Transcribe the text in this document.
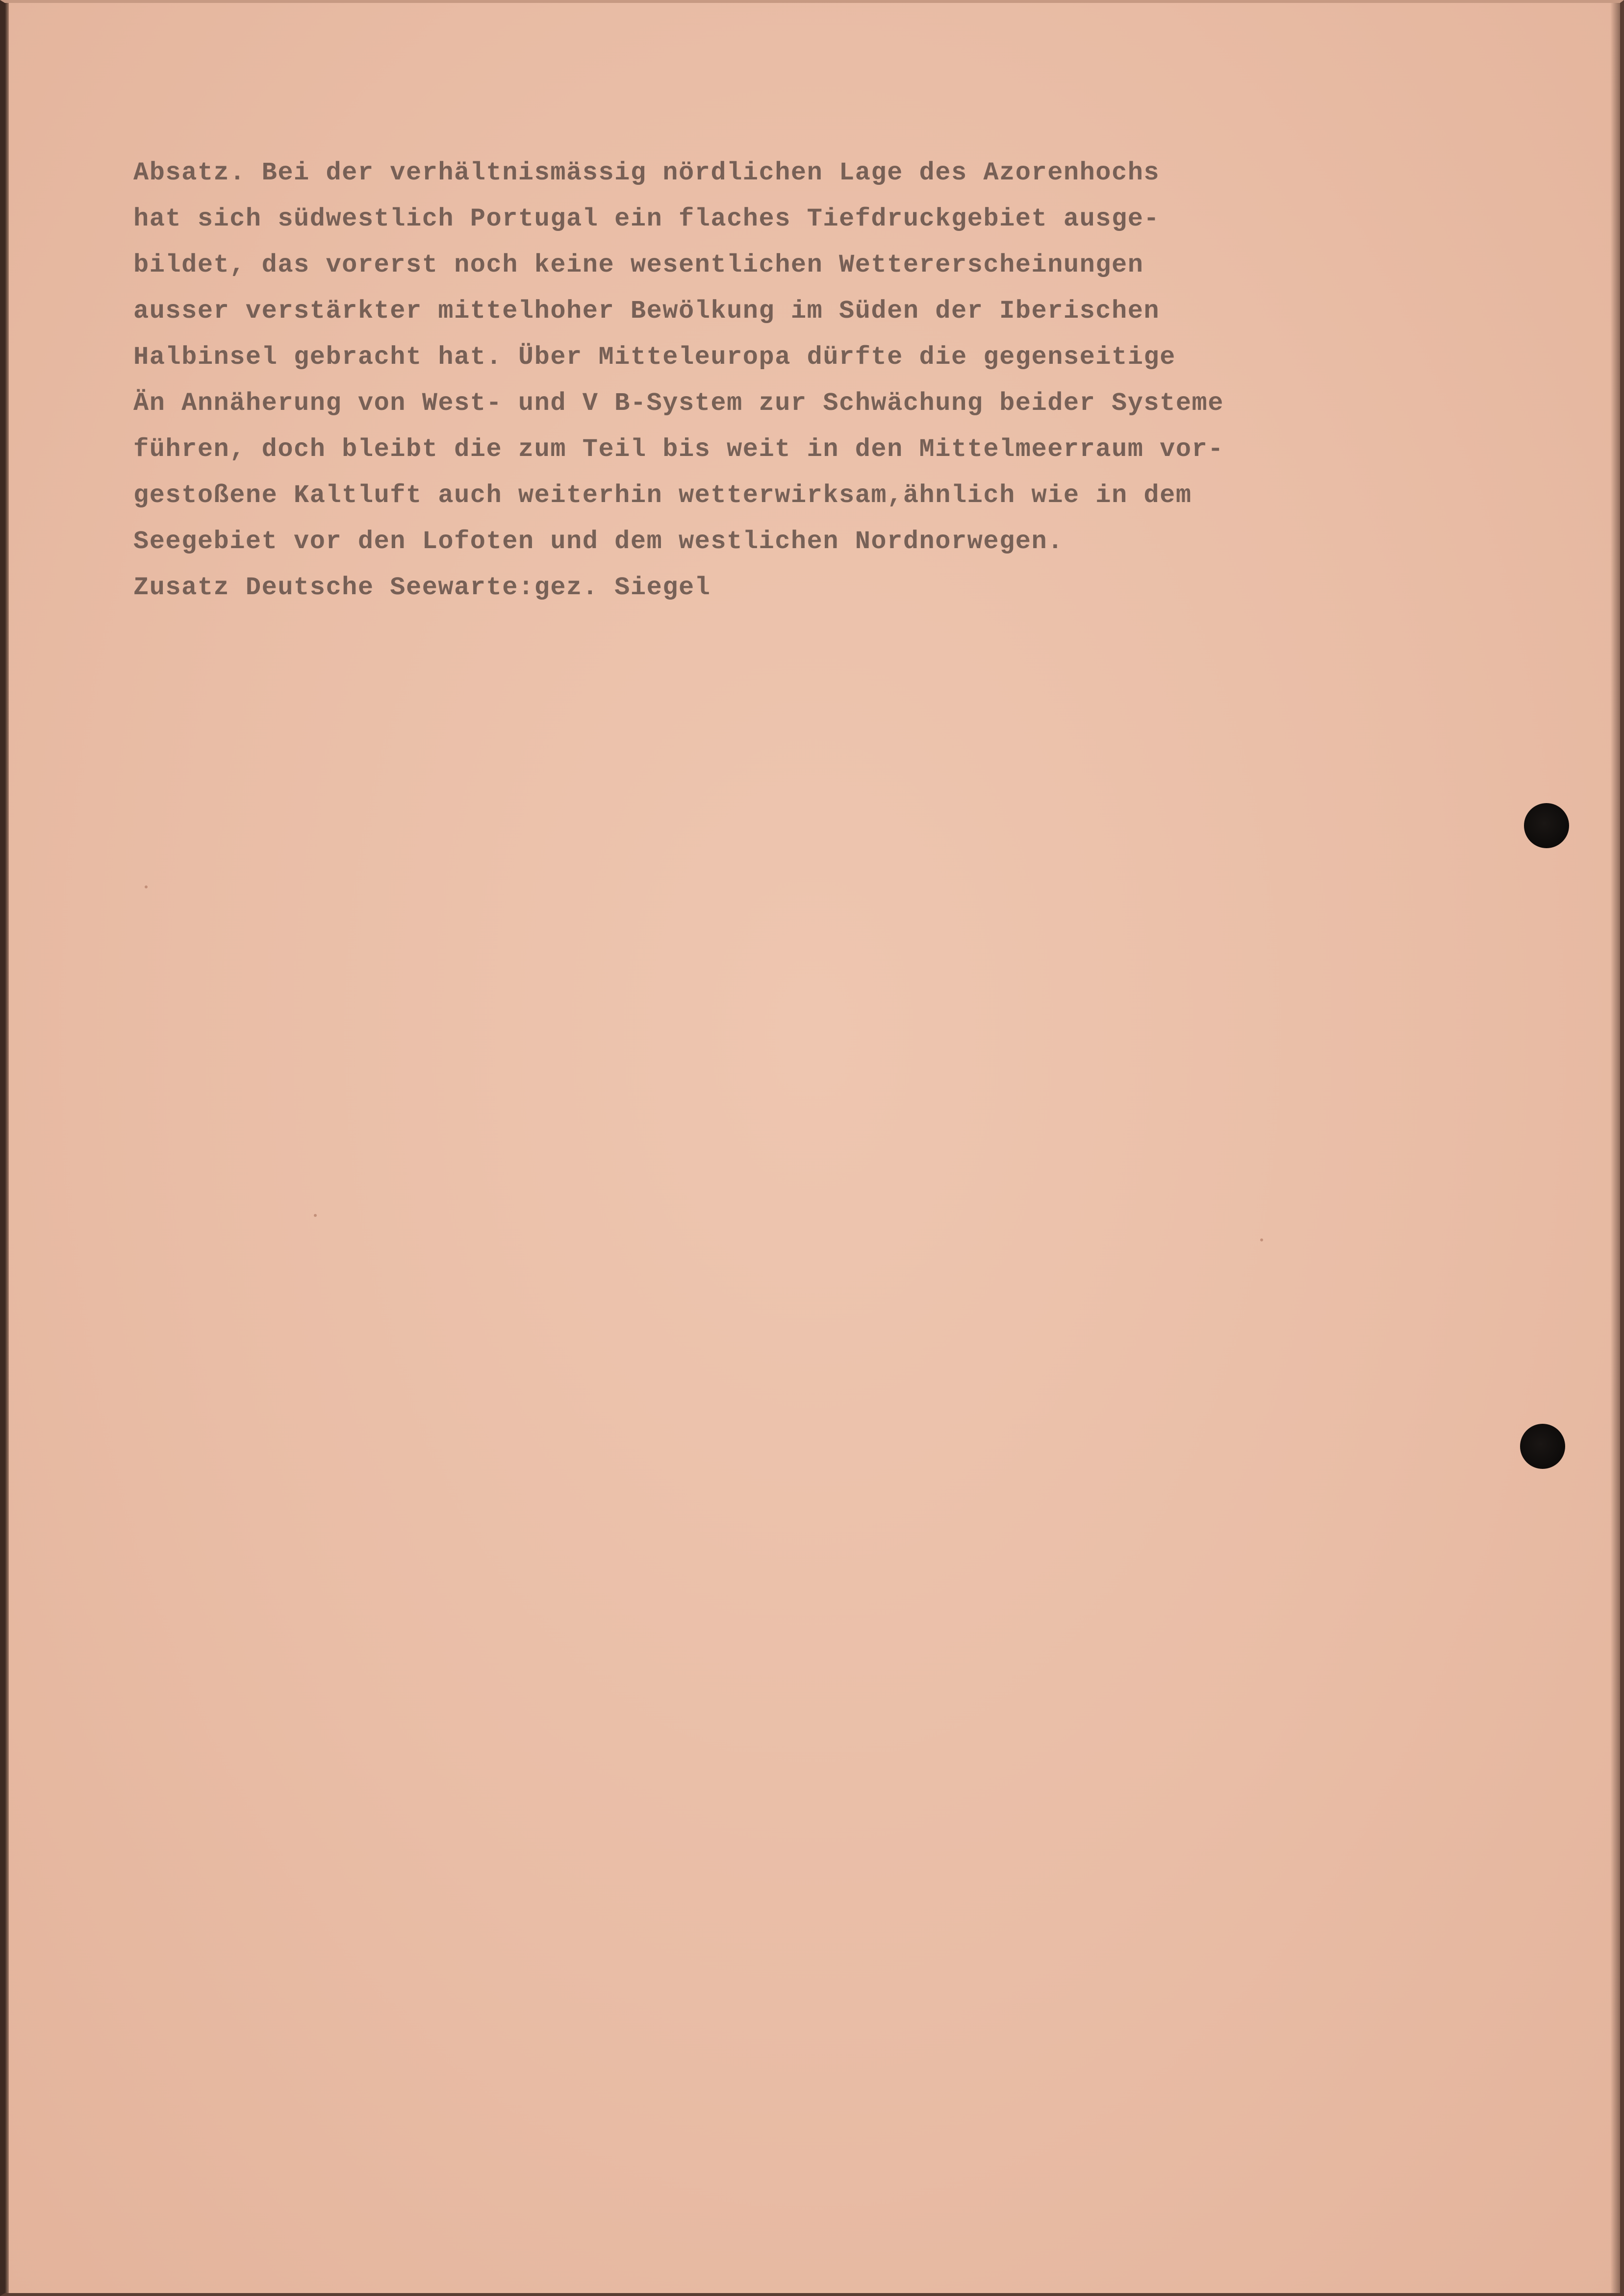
Absatz. Bei der verhältnismässig nördlichen Lage des Azorenhochs
hat sich südwestlich Portugal ein flaches Tiefdruckgebiet ausge-
bildet, das vorerst noch keine wesentlichen Wettererscheinungen
ausser verstärkter mittelhoher Bewölkung im Süden der Iberischen
Halbinsel gebracht hat. Über Mitteleuropa dürfte die gegenseitige
Än Annäherung von West- und V B-System zur Schwächung beider Systeme
führen, doch bleibt die zum Teil bis weit in den Mittelmeerraum vor-
gestoßene Kaltluft auch weiterhin wetterwirksam,ähnlich wie in dem
Seegebiet vor den Lofoten und dem westlichen Nordnorwegen.
Zusatz Deutsche Seewarte:gez. Siegel
